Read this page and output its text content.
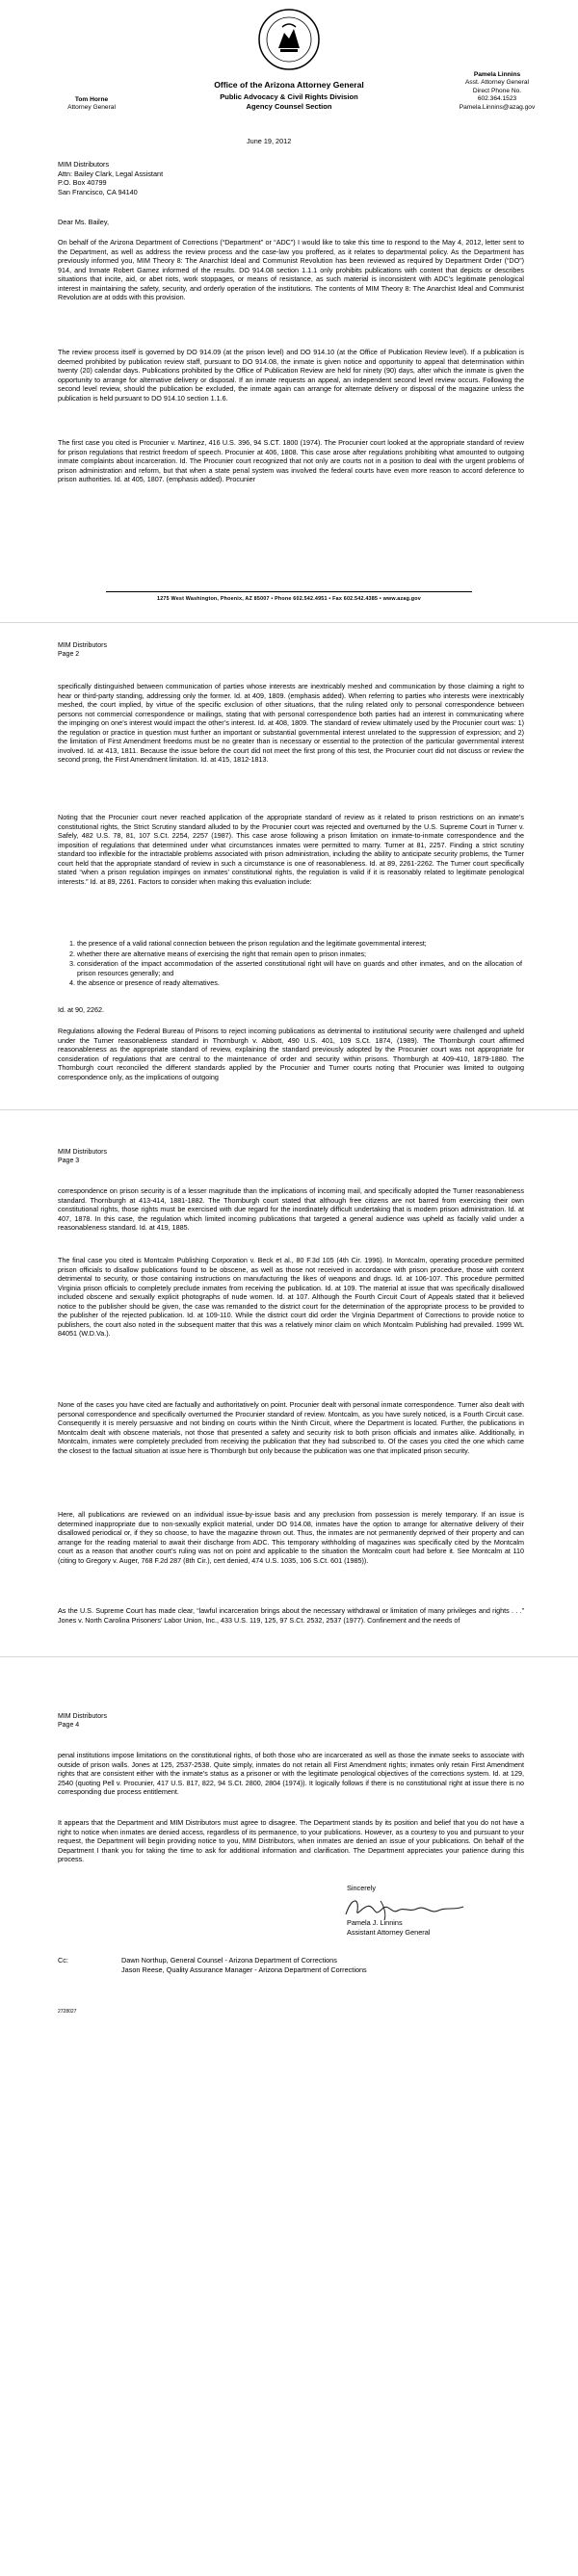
Office of the Arizona Attorney General
Public Advocacy & Civil Rights Division
Agency Counsel Section
Tom Horne
Attorney General
Pamela Linnins
Asst. Attorney General
Direct Phone No.
602.364.1523
Pamela.Linnins@azag.gov
June 19, 2012
MIM Distributors
Attn: Bailey Clark, Legal Assistant
P.O. Box 40799
San Francisco, CA 94140
Dear Ms. Bailey,
On behalf of the Arizona Department of Corrections (“Department” or “ADC”) I would like to take this time to respond to the May 4, 2012, letter sent to the Department, as well as address the review process and the case-law you proffered, as it relates to departmental policy. As the Department has previously informed you, MIM Theory 8: The Anarchist Ideal and Communist Revolution has been reviewed as required by Department Order (“DO”) 914, and Inmate Robert Gamez informed of the results. DO 914.08 section 1.1.1 only prohibits publications with content that depicts or describes situations that incite, aid, or abet riots, work stoppages, or means of resistance, as such material is inconsistent with ADC’s legitimate penological interest in maintaining the safety, security, and orderly operation of the institutions. The contents of MIM Theory 8: The Anarchist Ideal and Communist Revolution are at odds with this provision.
The review process itself is governed by DO 914.09 (at the prison level) and DO 914.10 (at the Office of Publication Review level). If a publication is deemed prohibited by publication review staff, pursuant to DO 914.08, the inmate is given notice and opportunity to appeal that determination within twenty (20) calendar days. Publications prohibited by the Office of Publication Review are held for ninety (90) days, after which the inmate is given the opportunity to arrange for alternative delivery or disposal. If an inmate requests an appeal, an independent second level review occurs. Following the second level review, should the publication be excluded, the inmate again can arrange for alternate delivery or disposal of the magazine unless the publication is held pursuant to DO 914.10 section 1.1.6.
The first case you cited is Procunier v. Martinez, 416 U.S. 396, 94 S.CT. 1800 (1974). The Procunier court looked at the appropriate standard of review for prison regulations that restrict freedom of speech. Procunier at 406, 1808. This case arose after regulations prohibiting what amounted to outgoing inmate complaints about incarceration. Id. The Procunier court recognized that not only are courts not in a position to deal with the urgent problems of prison administration and reform, but that when a state penal system was involved the federal courts have even more reason to accord deference to prison authorities. Id. at 405, 1807. (emphasis added). Procunier
1275 West Washington, Phoenix, AZ 85007 • Phone 602.542.4951 • Fax 602.542.4385 • www.azag.gov
MIM Distributors
Page 2
specifically distinguished between communication of parties whose interests are inextricably meshed and communication by those claiming a right to hear or third-party standing, addressing only the former. Id. at 409, 1809. (emphasis added). When referring to parties who interests were inextricably meshed, the court implied, by virtue of the specific exclusion of other situations, that the ruling related only to personal correspondence between persons not commercial correspondence or mailings, stating that with personal correspondence both parties had an interest in communicating where the impinging on one’s interest would impact the other’s interest. Id. at 408, 1809. The standard of review ultimately used by the Procunier court was: 1) the regulation or practice in question must further an important or substantial governmental interest unrelated to the suppression of expression; and 2) the limitation of First Amendment freedoms must be no greater than is necessary or essential to the protection of the particular governmental interest involved. Id. at 413, 1811. Because the issue before the court did not meet the first prong of this test, the Procunier court did not discuss or review the second prong, the First Amendment limitation. Id. at 415, 1812-1813.
Noting that the Procunier court never reached application of the appropriate standard of review as it related to prison restrictions on an inmate’s constitutional rights, the Strict Scrutiny standard alluded to by the Procunier court was rejected and overturned by the U.S. Supreme Court in Turner v. Safely, 482 U.S. 78, 81, 107 S.Ct. 2254, 2257 (1987). This case arose following a prison limitation on inmate-to-inmate correspondence and the imposition of regulations that determined under what circumstances inmates were permitted to marry. Turner at 81, 2257. Finding a strict scrutiny standard too inflexible for the intractable problems associated with prison administration, including the ability to anticipate security problems, the Turner court held that the appropriate standard of review in such a circumstance is one of reasonableness. Id. at 89, 2261-2262. The Turner court specifically stated “when a prison regulation impinges on inmates’ constitutional rights, the regulation is valid if it is reasonably related to legitimate penological interests.” Id. at 89, 2261. Factors to consider when making this evaluation include:
1. the presence of a valid rational connection between the prison regulation and the legitimate governmental interest;
2. whether there are alternative means of exercising the right that remain open to prison inmates;
3. consideration of the impact accommodation of the asserted constitutional right will have on guards and other inmates, and on the allocation of prison resources generally; and
4. the absence or presence of ready alternatives.
Id. at 90, 2262.
Regulations allowing the Federal Bureau of Prisons to reject incoming publications as detrimental to institutional security were challenged and upheld under the Turner reasonableness standard in Thornburgh v. Abbott, 490 U.S. 401, 109 S.Ct. 1874, (1989). The Thornburgh court affirmed reasonableness as the appropriate standard of review, explaining the standard previously adopted by the Procunier court was not appropriate for consideration of regulations that are central to the maintenance of order and security within prisons. Thornburgh at 409-410, 1879-1880. The Thornburgh court reconciled the different standards applied by the Procunier and Turner courts noting that Procunier was limited to outgoing correspondence only, as the implications of outgoing
MIM Distributors
Page 3
correspondence on prison security is of a lesser magnitude than the implications of incoming mail, and specifically adopted the Turner reasonableness standard. Thornburgh at 413-414, 1881-1882. The Thornburgh court stated that although free citizens are not barred from exercising their own constitutional rights, those rights must be exercised with due regard for the inordinately difficult undertaking that is modern prison administration. Id. at 407, 1878. In this case, the regulation which limited incoming publications that targeted a general audience was upheld as facially valid under a reasonableness standard. Id. at 419, 1885.
The final case you cited is Montcalm Publishing Corporation v. Beck et al., 80 F.3d 105 (4th Cir. 1996). In Montcalm, operating procedure permitted prison officials to disallow publications found to be obscene, as well as those not received in accordance with prison procedure, those with content detrimental to security, or those containing instructions on manufacturing the likes of weapons and drugs. Id. at 106-107. This procedure permitted Virginia prison officials to completely preclude inmates from receiving the publication. Id. at 109. The material at issue that was specifically disallowed included obscene and sexually explicit photographs of nude women. Id. at 107. Although the Fourth Circuit Court of Appeals stated that it believed notice to the publisher should be given, the case was remanded to the district court for the determination of the appropriate process to be provided to the publisher of the rejected publication. Id. at 109-110. While the district court did order the Virginia Department of Corrections to provide notice to publishers, the court also noted in the subsequent matter that this was a relatively minor claim on which Montcalm Publishing had prevailed. 1999 WL 84051 (W.D.Va.).
None of the cases you have cited are factually and authoritatively on point. Procunier dealt with personal inmate correspondence. Turner also dealt with personal correspondence and specifically overturned the Procunier standard of review. Montcalm, as you have surely noticed, is a Fourth Circuit case. Consequently it is merely persuasive and not binding on courts within the Ninth Circuit, where the Department is located. Further, the publications in Montcalm dealt with obscene materials, not those that presented a safety and security risk to both prison officials and inmates alike. Additionally, in Montcalm, inmates were completely precluded from receiving the publication that they had subscribed to. Of the cases you cited the one which came the closest to the factual situation at issue here is Thornburgh but only because the publication was one that implicated prison security.
Here, all publications are reviewed on an individual issue-by-issue basis and any preclusion from possession is merely temporary. If an issue is determined inappropriate due to non-sexually explicit material, under DO 914.08, inmates have the option to arrange for alternative delivery of their disallowed periodical or, if they so choose, to have the magazine thrown out. Thus, the inmates are not permanently deprived of their property and can arrange for the reading material to await their discharge from ADC. This temporary withholding of magazines was specifically cited by the Montcalm court as a reason that another court’s ruling was not on point and applicable to the situation the Montcalm court had before it. See Montcalm at 110 (citing to Gregory v. Auger, 768 F.2d 287 (8th Cir.), cert denied, 474 U.S. 1035, 106 S.Ct. 601 (1985)).
As the U.S. Supreme Court has made clear, “lawful incarceration brings about the necessary withdrawal or limitation of many privileges and rights . . .” Jones v. North Carolina Prisoners’ Labor Union, Inc., 433 U.S. 119, 125, 97 S.Ct. 2532, 2537 (1977). Confinement and the needs of
MIM Distributors
Page 4
penal institutions impose limitations on the constitutional rights, of both those who are incarcerated as well as those the inmate seeks to associate with outside of prison walls. Jones at 125, 2537-2538. Quite simply, inmates do not retain all First Amendment rights; inmates only retain First Amendment rights that are consistent either with the inmate’s status as a prisoner or with the legitimate penological objectives of the corrections system. Id. at 129, 2540 (quoting Pell v. Procunier, 417 U.S. 817, 822, 94 S.Ct. 2800, 2804 (1974)). It logically follows if there is no constitutional right at issue there is no corresponding due process entitlement.
It appears that the Department and MIM Distributors must agree to disagree. The Department stands by its position and belief that you do not have a right to notice when inmates are denied access, regardless of its permanence, to your publications. However, as a courtesy to you and pursuant to your request, the Department will begin providing notice to you, MIM Distributors, when inmates are denied an issue of your publications. On behalf of the Department I thank you for taking the time to ask for additional information and clarification. The Department appreciates your patience during this process.
Sincerely
Pamela J. Linnins
Assistant Attorney General
Cc:	Dawn Northup, General Counsel - Arizona Department of Corrections
Jason Reese, Quality Assurance Manager - Arizona Department of Corrections
2728027
